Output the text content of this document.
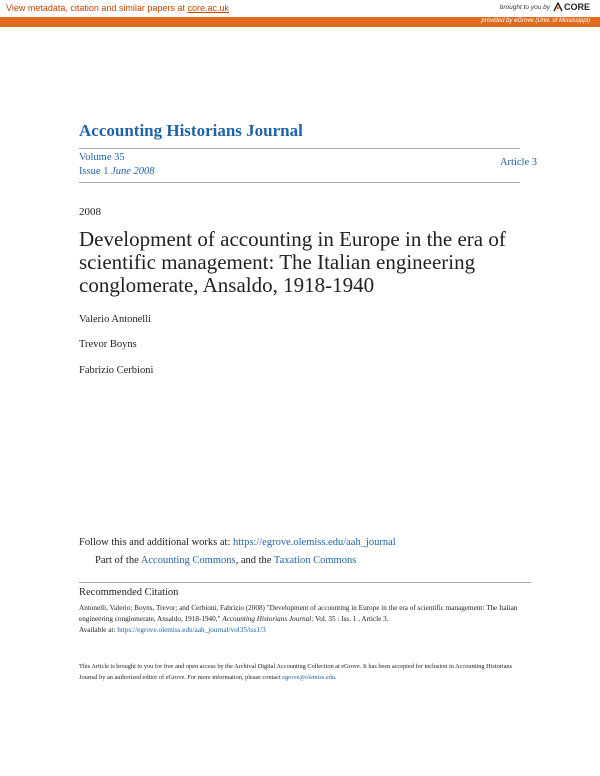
View metadata, citation and similar papers at core.ac.uk	brought to you by CORE
provided by eGrove (Univ. of Mississippi)
Accounting Historians Journal
Volume 35
Issue 1 June 2008
Article 3
2008
Development of accounting in Europe in the era of scientific management: The Italian engineering conglomerate, Ansaldo, 1918-1940
Valerio Antonelli
Trevor Boyns
Fabrizio Cerbioni
Follow this and additional works at: https://egrove.olemiss.edu/aah_journal
Part of the Accounting Commons, and the Taxation Commons
Recommended Citation
Antonelli, Valerio; Boyns, Trevor; and Cerbioni, Fabrizio (2008) "Development of accounting in Europe in the era of scientific management: The Italian engineering conglomerate, Ansaldo, 1918-1940," Accounting Historians Journal: Vol. 35 : Iss. 1 , Article 3.
Available at: https://egrove.olemiss.edu/aah_journal/vol35/iss1/3
This Article is brought to you for free and open access by the Archival Digital Accounting Collection at eGrove. It has been accepted for inclusion in Accounting Historians Journal by an authorized editor of eGrove. For more information, please contact egrove@olemiss.edu.
